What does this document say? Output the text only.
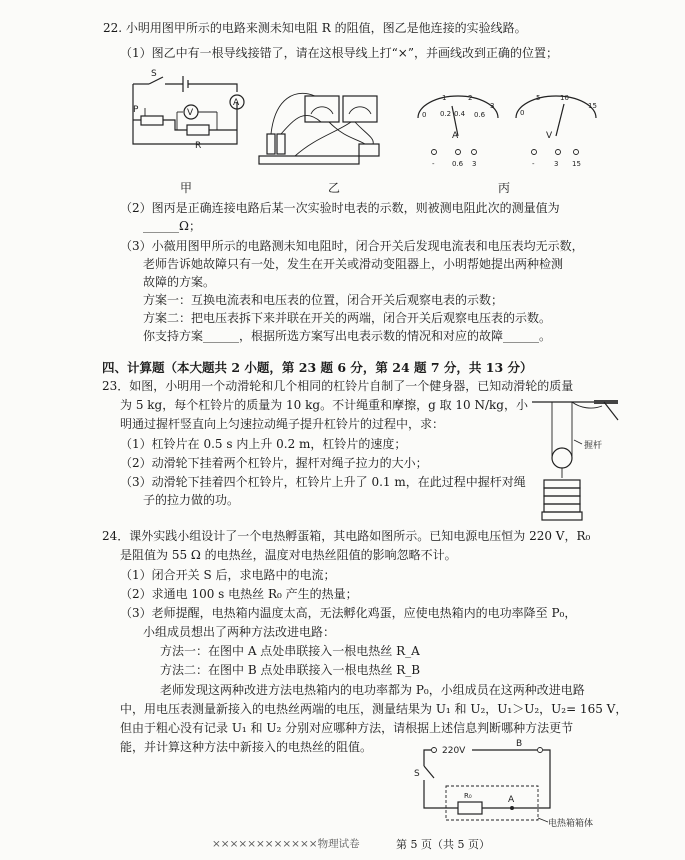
22. 小明用图甲所示的电路来测未知电阻 R 的阻值，图乙是他连接的实验线路。
（1）图乙中有一根导线接错了，请在这根导线上打“×”，并画线改到正确的位置；
A
S
P
R
V	0 0.2 0.4 0.6
1	2
3
A
- 0.6 3
0
5	10
15
V
-	3 15
甲	乙	丙
（2）图丙是正确连接电路后某一次实验时电表的示数，则被测电阻此次的测量值为
______Ω；
（3）小薇用图甲所示的电路测未知电阻时，闭合开关后发现电流表和电压表均无示数，
老师告诉她故障只有一处，发生在开关或滑动变阻器上，小明帮她提出两种检测
故障的方案。
方案一：互换电流表和电压表的位置，闭合开关后观察电表的示数；
方案二：把电压表拆下来并联在开关的两端，闭合开关后观察电压表的示数。
你支持方案______，根据所选方案写出电表示数的情况和对应的故障______。
四、计算题（本大题共 2 小题，第 23 题 6 分，第 24 题 7 分，共 13 分）
23．如图，小明用一个动滑轮和几个相同的杠铃片自制了一个健身器，已知动滑轮的质量
为 5 kg，每个杠铃片的质量为 10 kg。不计绳重和摩擦，g 取 10 N/kg，小
明通过握杆竖直向上匀速拉动绳子提升杠铃片的过程中，求：
（1）杠铃片在 0.5 s 内上升 0.2 m，杠铃片的速度；
（2）动滑轮下挂着两个杠铃片，握杆对绳子拉力的大小；
（3）动滑轮下挂着四个杠铃片，杠铃片上升了 0.1 m，在此过程中握杆对绳
子的拉力做的功。
握杆
24．课外实践小组设计了一个电热孵蛋箱，其电路如图所示。已知电源电压恒为 220 V，R₀
是阻值为 55 Ω 的电热丝，温度对电热丝阻值的影响忽略不计。
（1）闭合开关 S 后，求电路中的电流；
（2）求通电 100 s 电热丝 R₀ 产生的热量；
（3）老师提醒，电热箱内温度太高，无法孵化鸡蛋，应使电热箱内的电功率降至 P₀，
小组成员想出了两种方法改进电路：
方法一：在图中 A 点处串联接入一根电热丝 R_A
方法二：在图中 B 点处串联接入一根电热丝 R_B
老师发现这两种改进方法电热箱内的电功率都为 P₀，小组成员在这两种改进电路
中，用电压表测量新接入的电热丝两端的电压，测量结果为 U₁ 和 U₂，U₁＞U₂，U₂= 165 V，
但由于粗心没有记录 U₁ 和 U₂ 分别对应哪种方法，请根据上述信息判断哪种方法更节
能，并计算这种方法中新接入的电热丝的阻值。	220V
B
S
R₀	A
电热箱箱体
××××××××××××物理试卷	第 5 页（共 5 页）
